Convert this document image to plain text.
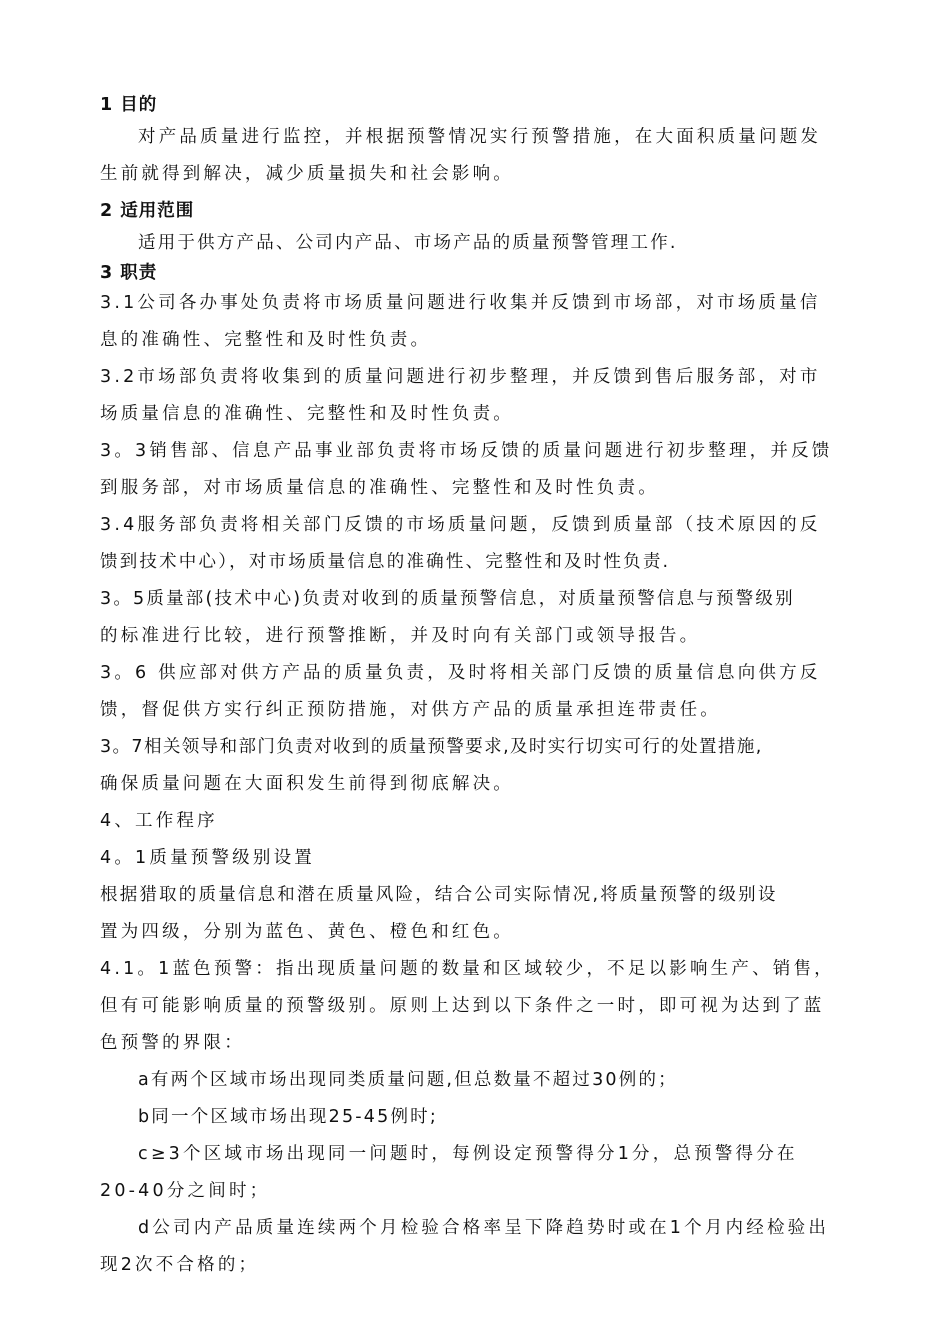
1 目的
对产品质量进行监控，并根据预警情况实行预警措施，在大面积质量问题发
生前就得到解决，减少质量损失和社会影响。
2 适用范围
适用于供方产品、公司内产品、市场产品的质量预警管理工作.
3 职责
3.1公司各办事处负责将市场质量问题进行收集并反馈到市场部，对市场质量信
息的准确性、完整性和及时性负责。
3.2市场部负责将收集到的质量问题进行初步整理，并反馈到售后服务部，对市
场质量信息的准确性、完整性和及时性负责。
3。3销售部、信息产品事业部负责将市场反馈的质量问题进行初步整理，并反馈
到服务部，对市场质量信息的准确性、完整性和及时性负责。
3.4服务部负责将相关部门反馈的市场质量问题，反馈到质量部（技术原因的反
馈到技术中心），对市场质量信息的准确性、完整性和及时性负责.
3。5质量部(技术中心)负责对收到的质量预警信息，对质量预警信息与预警级别
的标准进行比较，进行预警推断，并及时向有关部门或领导报告。
3。6 供应部对供方产品的质量负责，及时将相关部门反馈的质量信息向供方反
馈，督促供方实行纠正预防措施，对供方产品的质量承担连带责任。
3。7相关领导和部门负责对收到的质量预警要求,及时实行切实可行的处置措施,
确保质量问题在大面积发生前得到彻底解决。
4、工作程序
4。1质量预警级别设置
根据猎取的质量信息和潜在质量风险，结合公司实际情况,将质量预警的级别设
置为四级，分别为蓝色、黄色、橙色和红色。
4.1。1蓝色预警：指出现质量问题的数量和区域较少，不足以影响生产、销售，
但有可能影响质量的预警级别。原则上达到以下条件之一时，即可视为达到了蓝
色预警的界限：
a有两个区域市场出现同类质量问题,但总数量不超过30例的；
b同一个区域市场出现25-45例时;
c≥3个区域市场出现同一问题时，每例设定预警得分1分，总预警得分在
20-40分之间时；
d公司内产品质量连续两个月检验合格率呈下降趋势时或在1个月内经检验出
现2次不合格的；
